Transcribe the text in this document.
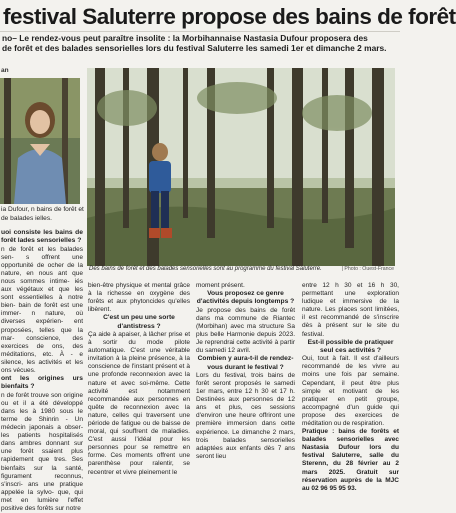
festival Saluterre propose des bains de forêt
no– Le rendez-vous peut paraître insolite : la Morbihannaise Nastasia Dufour proposera des
de forêt et des balades sensorielles lors du festival Saluterre les samedi 1er et dimanche 2 mars.
an
ia Dufour, n bains de forêt et de balades ielles.
Des bains de forêt et des balades sensorielles sont au programme du festival Saluterre.	| Photo : Ouest-France

uoi consiste les bains de forêt lades sensorielles ?

n de forêt et les balades sen- s offrent une opportunité de ocher de la nature, en nous ant que nous sommes intime- iés aux végétaux et que les sont essentielles à notre bien- bain de forêt est une immer- n nature, où diverses expérien- ent proposées, telles que la mar- conscience, des exercices de ons, des méditations, etc. À - e silence, les activités et les ons vécues.

ont les origines urs bienfaits ?

n de forêt trouve son origine ou et il a été développé dans les à 1980 sous le terme de Shinrin - Un médecin japonais a obser- les patients hospitalisés dans ambres donnant sur une forêt ssaient plus rapidement que tres. Ses bienfaits sur la santé, figurament reconnus, s'inscri- ans une pratique appelée la sylvo- que, qui met en lumière l'effet positive des forêts sur notre

bien-être physique et mental grâce à la richesse en oxygène des forêts et aux phytoncides qu'elles libèrent.

C'est un peu une sorte d'antistress ?

Ça aide à apaiser, à lâcher prise et à sortir du mode pilote automatique. C'est une véritable invitation à la pleine présence, à la conscience de l'instant présent et à une profonde reconnexion avec la nature et avec soi-même. Cette activité est notamment recommandée aux personnes en quête de reconnexion avec la nature, celles qui traversent une période de fatigue ou de baisse de moral, qui souffrent de maladies. C'est aussi l'idéal pour les personnes pour se remettre en forme. Ces moments offrent une parenthèse pour ralentir, se recentrer et vivre pleinement le

moment présent.

Vous proposez ce genre d'activités depuis longtemps ?

Je propose des bains de forêt dans ma commune de Riantec (Morbihan) avec ma structure Sa plus belle Harmonie depuis 2023. Je reprendrai cette activité à partir du samedi 12 avril.

Combien y aura-t-il de rendez-vous durant le festival ?

Lors du festival, trois bains de forêt seront proposés le samedi 1er mars, entre 12 h 30 et 17 h. Destinées aux personnes de 12 ans et plus, ces sessions d'environ une heure offriront une première immersion dans cette expérience. Le dimanche 2 mars, trois balades sensorielles adaptées aux enfants dès 7 ans seront lieu

entre 12 h 30 et 16 h 30, permettant une exploration ludique et immersive de la nature. Les places sont limitées, il est recommandé de s'inscrire dès à présent sur le site du festival.

Est-il possible de pratiquer seul ces activités ?

Oui, tout à fait. Il est d'ailleurs recommandé de les vivre au moins une fois par semaine. Cependant, il peut être plus simple et motivant de les pratiquer en petit groupe, accompagné d'un guide qui propose des exercices de méditation ou de respiration.

Pratique : bains de forêts et balades sensorielles avec Nastasia Dufour lors du festival Saluterre, salle du Sterenn, du 28 février au 2 mars 2025. Gratuit sur réservation auprès de la MJC au 02 96 95 95 93.
